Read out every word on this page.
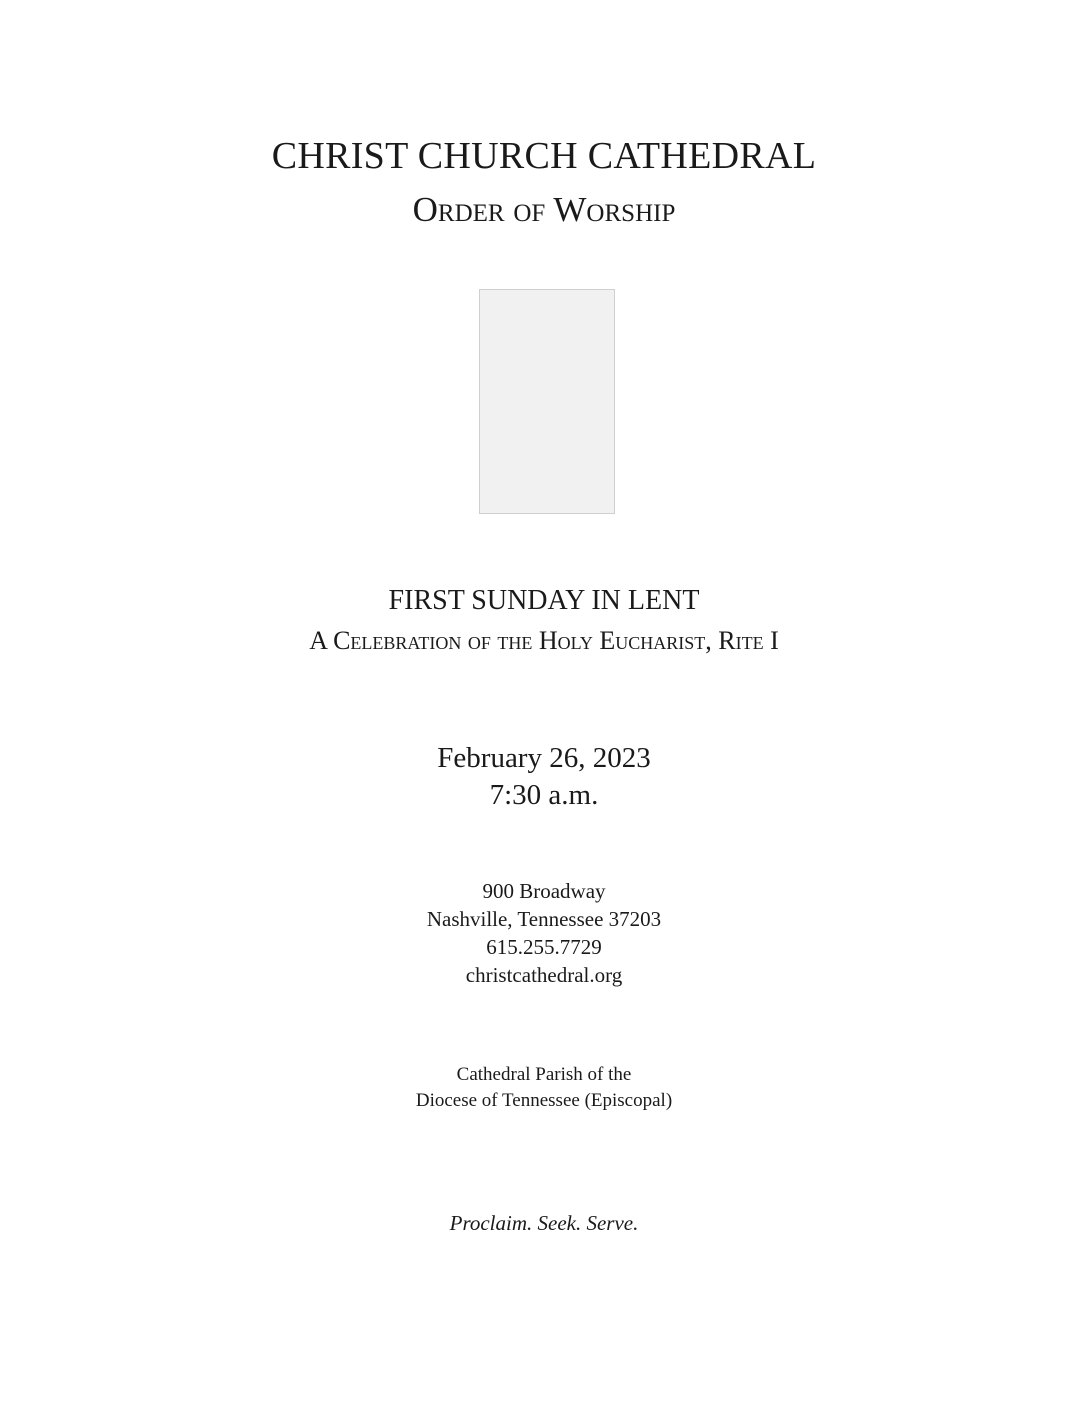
CHRIST CHURCH CATHEDRAL
Order of Worship
FIRST SUNDAY IN LENT
A Celebration of the Holy Eucharist, Rite I
February 26, 2023
7:30 a.m.
900 Broadway
Nashville, Tennessee 37203
615.255.7729
christcathedral.org
Cathedral Parish of the
Diocese of Tennessee (Episcopal)
Proclaim. Seek. Serve.
